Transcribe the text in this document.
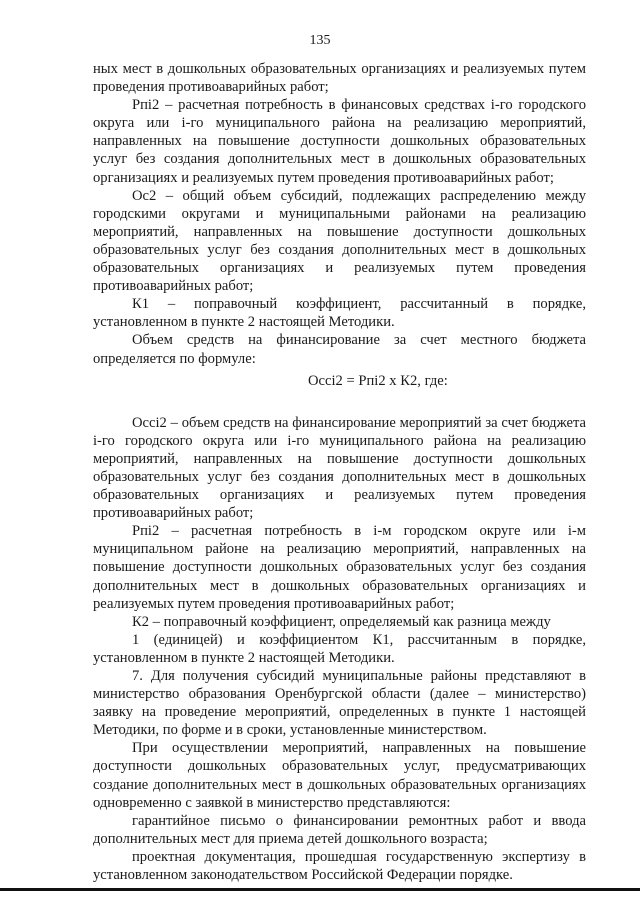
135

ных мест в дошкольных образовательных организациях и реализуемых путем проведения противоаварийных работ;

Рпi2 – расчетная потребность в финансовых средствах i-го городского округа или i-го муниципального района на реализацию мероприятий, направленных на повышение доступности дошкольных образовательных услуг без создания дополнительных мест в дошкольных образовательных организациях и реализуемых путем проведения противоаварийных работ;

Ос2 – общий объем субсидий, подлежащих распределению между городскими округами и муниципальными районами на реализацию мероприятий, направленных на повышение доступности дошкольных образовательных услуг без создания дополнительных мест в дошкольных образовательных организациях и реализуемых путем проведения противоаварийных работ;

К1 – поправочный коэффициент, рассчитанный в порядке, установленном в пункте 2 настоящей Методики.

Объем средств на финансирование за счет местного бюджета определяется по формуле:

Осcі2 = Рпі2 х К2, где:

Осcі2 – объем средств на финансирование мероприятий за счет бюджета i-го городского округа или i-го муниципального района на реализацию мероприятий, направленных на повышение доступности дошкольных образовательных услуг без создания дополнительных мест в дошкольных образовательных организациях и реализуемых путем проведения противоаварийных работ;

Рпі2 – расчетная потребность в i-м городском округе или i-м муниципальном районе на реализацию мероприятий, направленных на повышение доступности дошкольных образовательных услуг без создания дополнительных мест в дошкольных образовательных организациях и реализуемых путем проведения противоаварийных работ;

К2 – поправочный коэффициент, определяемый как разница между

1 (единицей) и коэффициентом К1, рассчитанным в порядке, установленном в пункте 2 настоящей Методики.

7. Для получения субсидий муниципальные районы представляют в министерство образования Оренбургской области (далее – министерство) заявку на проведение мероприятий, определенных в пункте 1 настоящей Методики, по форме и в сроки, установленные министерством.

При осуществлении мероприятий, направленных на повышение доступности дошкольных образовательных услуг, предусматривающих создание дополнительных мест в дошкольных образовательных организациях одновременно с заявкой в министерство представляются:

гарантийное письмо о финансировании ремонтных работ и ввода дополнительных мест для приема детей дошкольного возраста;

проектная документация, прошедшая государственную экспертизу в установленном законодательством Российской Федерации порядке.
